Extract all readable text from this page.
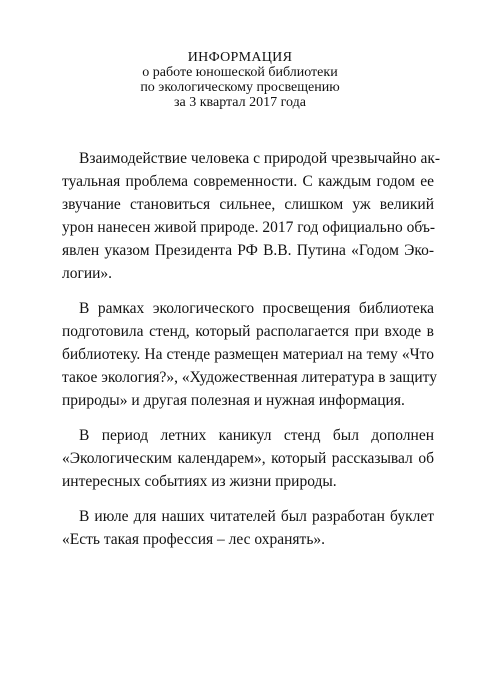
ИНФОРМАЦИЯ
о работе юношеской библиотеки
по экологическому просвещению
за 3 квартал 2017 года
Взаимодействие человека с природой чрезвычайно ак-
туальная проблема современности. С каждым годом ее
звучание становиться сильнее, слишком уж великий
урон нанесен живой природе. 2017 год официально объ-
явлен указом Президента РФ В.В. Путина «Годом Эко-
логии».
В рамках экологического просвещения библиотека
подготовила стенд, который располагается при входе в
библиотеку. На стенде размещен материал на тему «Что
такое экология?», «Художественная литература в защиту
природы» и другая полезная и нужная информация.
В период летних каникул стенд был дополнен
«Экологическим календарем», который рассказывал об
интересных событиях из жизни природы.
В июле для наших читателей был разработан буклет
«Есть такая профессия – лес охранять».
